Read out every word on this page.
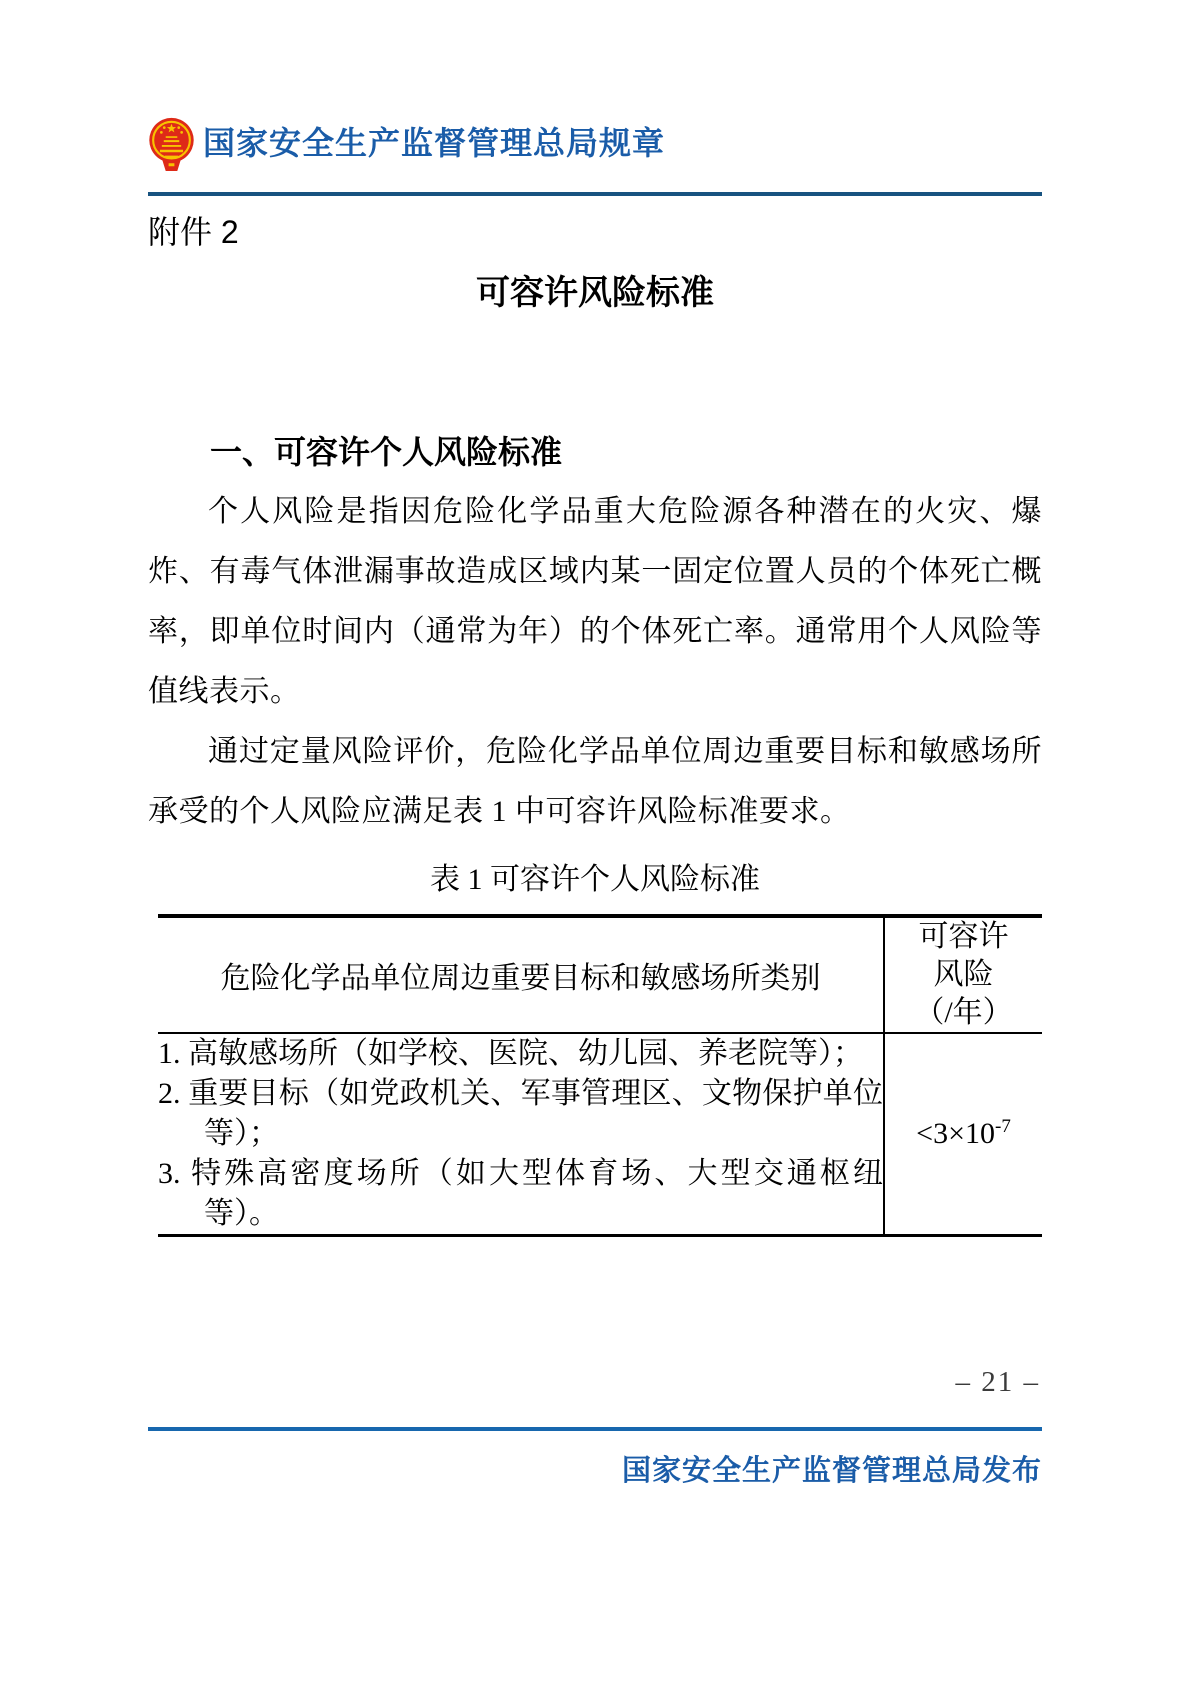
国家安全生产监督管理总局规章
附件 2
可容许风险标准
一、可容许个人风险标准

个人风险是指因危险化学品重大危险源各种潜在的火灾、爆炸、有毒气体泄漏事故造成区域内某一固定位置人员的个体死亡概率，即单位时间内（通常为年）的个体死亡率。通常用个人风险等值线表示。

通过定量风险评价，危险化学品单位周边重要目标和敏感场所承受的个人风险应满足表 1 中可容许风险标准要求。

表 1 可容许个人风险标准
危险化学品单位周边重要目标和敏感场所类别	可容许
风险
（/年）

1. 高敏感场所（如学校、医院、幼儿园、养老院等）；
2. 重要目标（如党政机关、军事管理区、文物保护单位等）；
3. 特殊高密度场所（如大型体育场、大型交通枢纽等）。	$<3\times 10^{-7}$
– 21 –
国家安全生产监督管理总局发布
